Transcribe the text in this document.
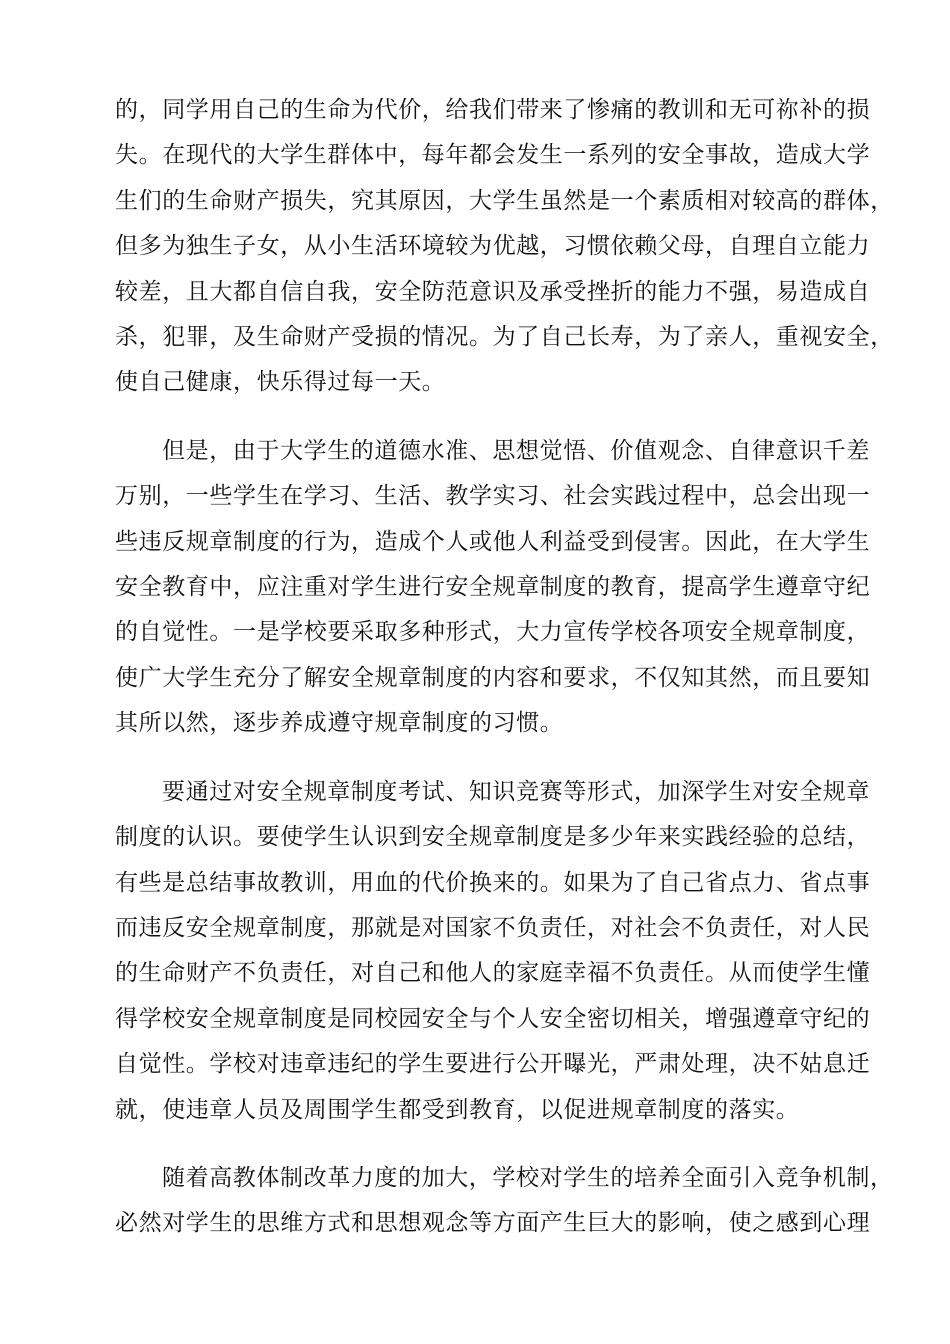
的，同学用自己的生命为代价，给我们带来了惨痛的教训和无可祢补的损
失。在现代的大学生群体中，每年都会发生一系列的安全事故，造成大学
生们的生命财产损失，究其原因，大学生虽然是一个素质相对较高的群体，
但多为独生子女，从小生活环境较为优越，习惯依赖父母，自理自立能力
较差，且大都自信自我，安全防范意识及承受挫折的能力不强，易造成自
杀，犯罪，及生命财产受损的情况。为了自己长寿，为了亲人，重视安全，
使自己健康，快乐得过每一天。

但是，由于大学生的道德水准、思想觉悟、价值观念、自律意识千差
万别，一些学生在学习、生活、教学实习、社会实践过程中，总会出现一
些违反规章制度的行为，造成个人或他人利益受到侵害。因此，在大学生
安全教育中，应注重对学生进行安全规章制度的教育，提高学生遵章守纪
的自觉性。一是学校要采取多种形式，大力宣传学校各项安全规章制度，
使广大学生充分了解安全规章制度的内容和要求，不仅知其然，而且要知
其所以然，逐步养成遵守规章制度的习惯。

要通过对安全规章制度考试、知识竞赛等形式，加深学生对安全规章
制度的认识。要使学生认识到安全规章制度是多少年来实践经验的总结，
有些是总结事故教训，用血的代价换来的。如果为了自己省点力、省点事
而违反安全规章制度，那就是对国家不负责任，对社会不负责任，对人民
的生命财产不负责任，对自己和他人的家庭幸福不负责任。从而使学生懂
得学校安全规章制度是同校园安全与个人安全密切相关，增强遵章守纪的
自觉性。学校对违章违纪的学生要进行公开曝光，严肃处理，决不姑息迁
就，使违章人员及周围学生都受到教育，以促进规章制度的落实。

随着高教体制改革力度的加大，学校对学生的培养全面引入竞争机制，
必然对学生的思维方式和思想观念等方面产生巨大的影响，使之感到心理
